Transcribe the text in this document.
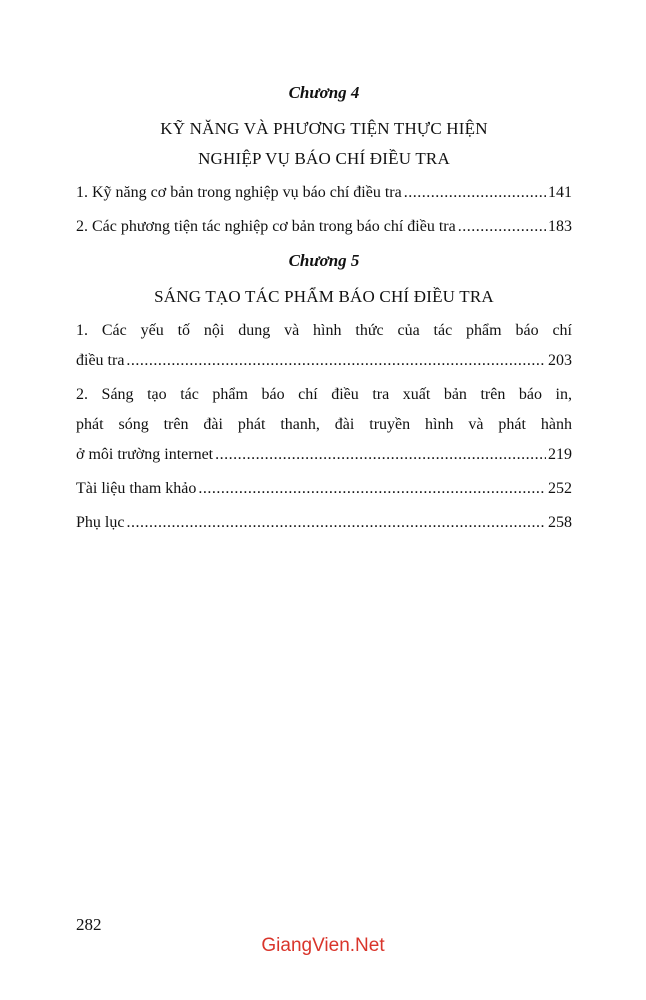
Chương 4
KỸ NĂNG VÀ PHƯƠNG TIỆN THỰC HIỆN
NGHIỆP VỤ BÁO CHÍ ĐIỀU TRA
1. Kỹ năng cơ bản trong nghiệp vụ báo chí điều tra .....	141
2. Các phương tiện tác nghiệp cơ bản trong báo chí điều tra .....	183
Chương 5
SÁNG TẠO TÁC PHẨM BÁO CHÍ ĐIỀU TRA
1. Các yếu tố nội dung và hình thức của tác phẩm báo chí
điều tra .....	203
2. Sáng tạo tác phẩm báo chí điều tra xuất bản trên báo in,
phát sóng trên đài phát thanh, đài truyền hình và phát hành
ở môi trường internet .....	219
Tài liệu tham khảo .....	252
Phụ lục .....	258
282
GiangVien.Net
